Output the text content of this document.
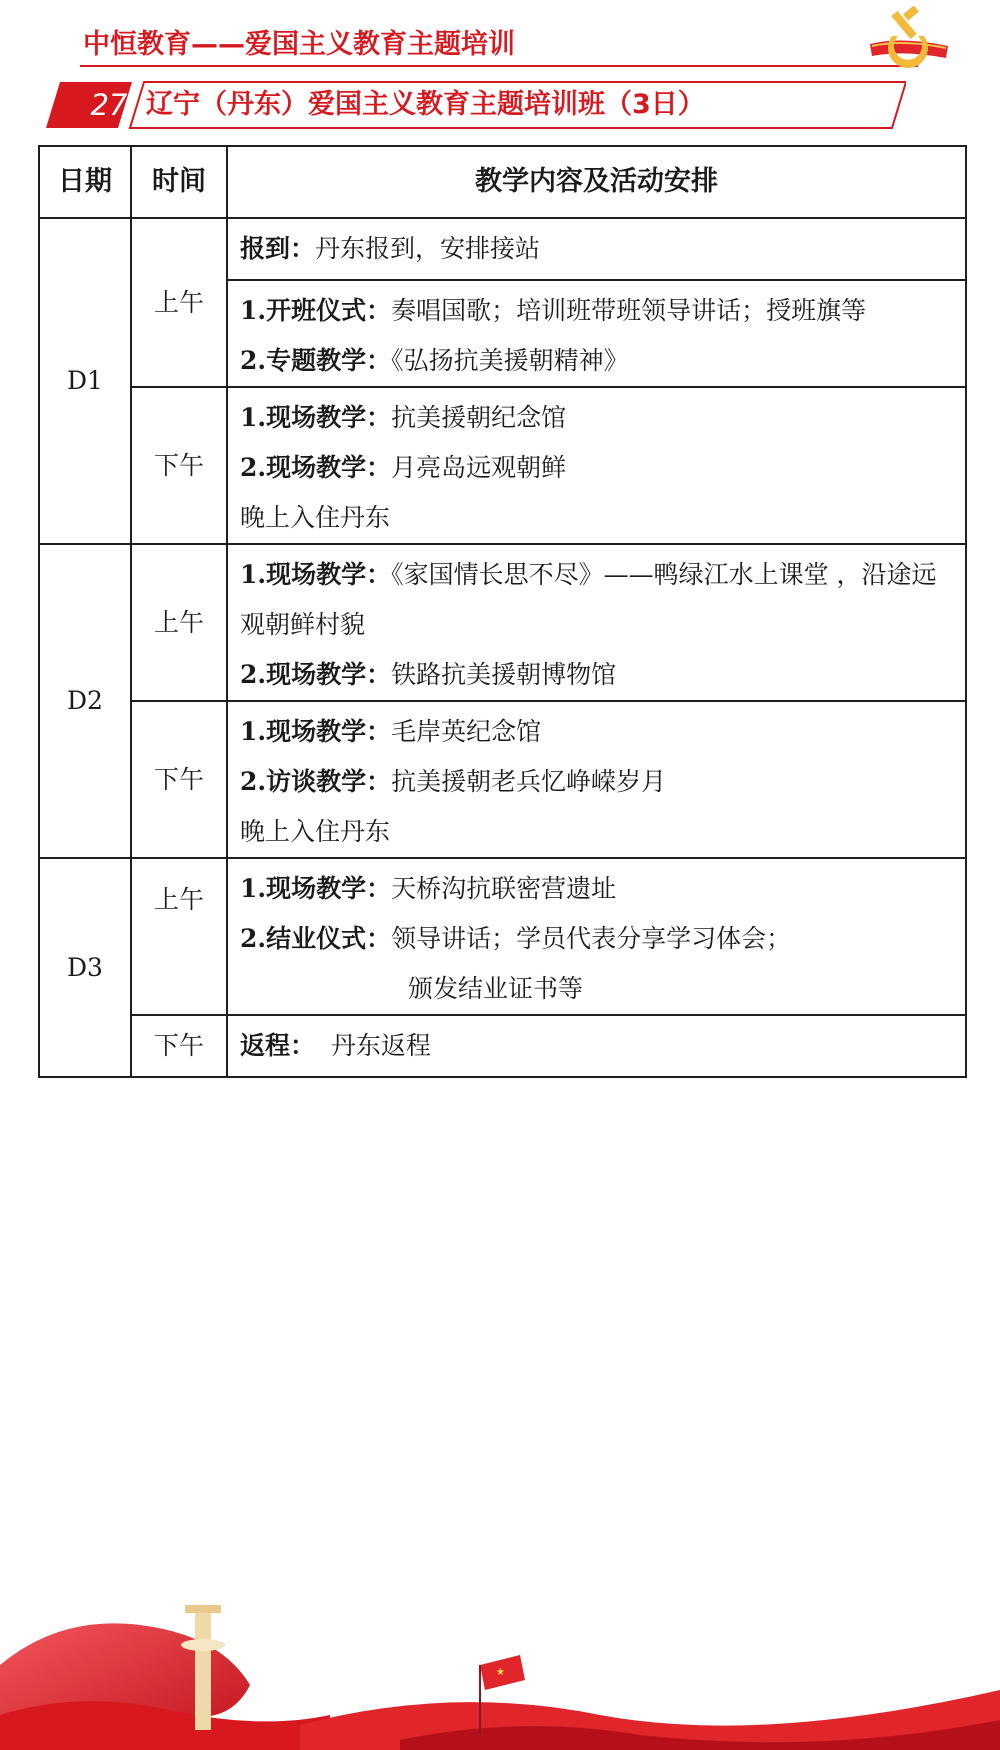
中恒教育——爱国主义教育主题培训
27 辽宁（丹东）爱国主义教育主题培训班（3日）
日期	时间	教学内容及活动安排
D1	上午	报到：丹东报到，安排接站

		1.开班仪式：奏唱国歌；培训班带班领导讲话；授班旗等
2.专题教学：《弘扬抗美援朝精神》

	下午	1.现场教学：抗美援朝纪念馆
2.现场教学：月亮岛远观朝鲜
晚上入住丹东

D2	上午	1.现场教学：《家国情长思不尽》——鸭绿江水上课堂 ，沿途远观朝鲜村貌
2.现场教学：铁路抗美援朝博物馆

	下午	1.现场教学：毛岸英纪念馆
2.访谈教学：抗美援朝老兵忆峥嵘岁月
晚上入住丹东

D3	上午	1.现场教学：天桥沟抗联密营遗址
2.结业仪式：领导讲话；学员代表分享学习体会；
颁发结业证书等

	下午	返程： 丹东返程
★
